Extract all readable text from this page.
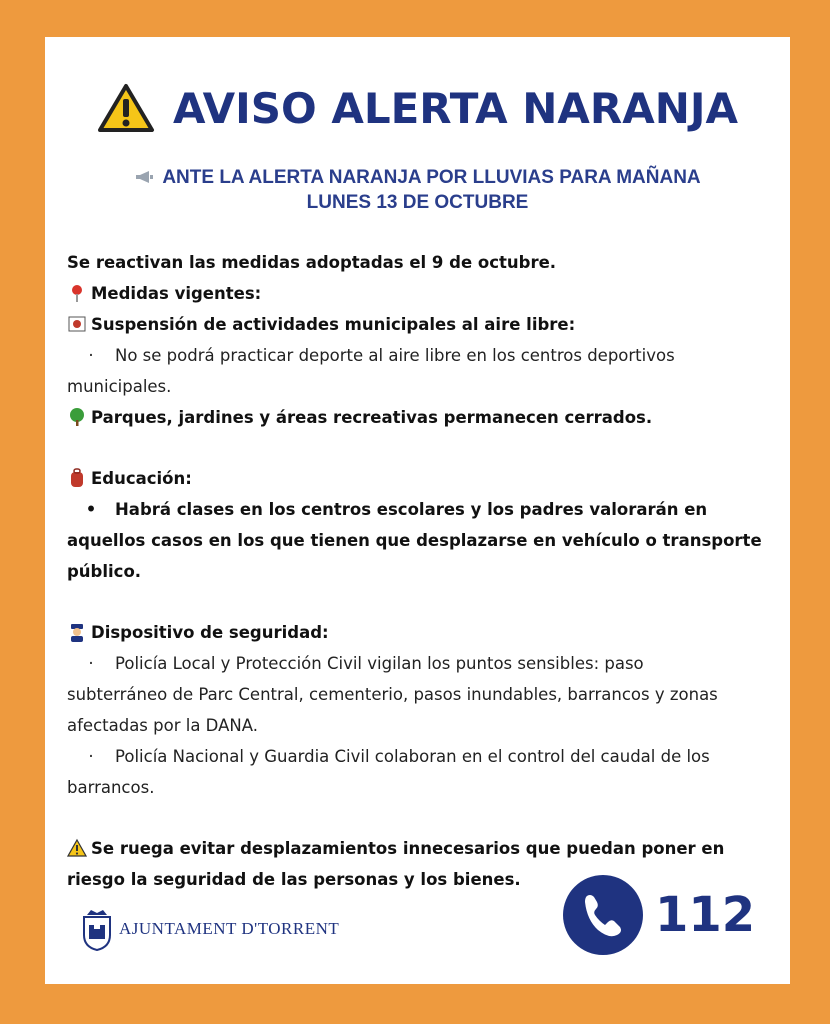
AVISO ALERTA NARANJA
ANTE LA ALERTA NARANJA POR LLUVIAS PARA MAÑANA
LUNES 13 DE OCTUBRE
Se reactivan las medidas adoptadas el 9 de octubre.
Medidas vigentes:
Suspensión de actividades municipales al aire libre:
· No se podrá practicar deporte al aire libre en los centros deportivos
municipales.
Parques, jardines y áreas recreativas permanecen cerrados.
Educación:
• Habrá clases en los centros escolares y los padres valorarán en
aquellos casos en los que tienen que desplazarse en vehículo o transporte
público.
Dispositivo de seguridad:
· Policía Local y Protección Civil vigilan los puntos sensibles: paso
subterráneo de Parc Central, cementerio, pasos inundables, barrancos y zonas
afectadas por la DANA.
· Policía Nacional y Guardia Civil colaboran en el control del caudal de los
barrancos.
Se ruega evitar desplazamientos innecesarios que puedan poner en
riesgo la seguridad de las personas y los bienes.
AJUNTAMENT D'TORRENT	112
